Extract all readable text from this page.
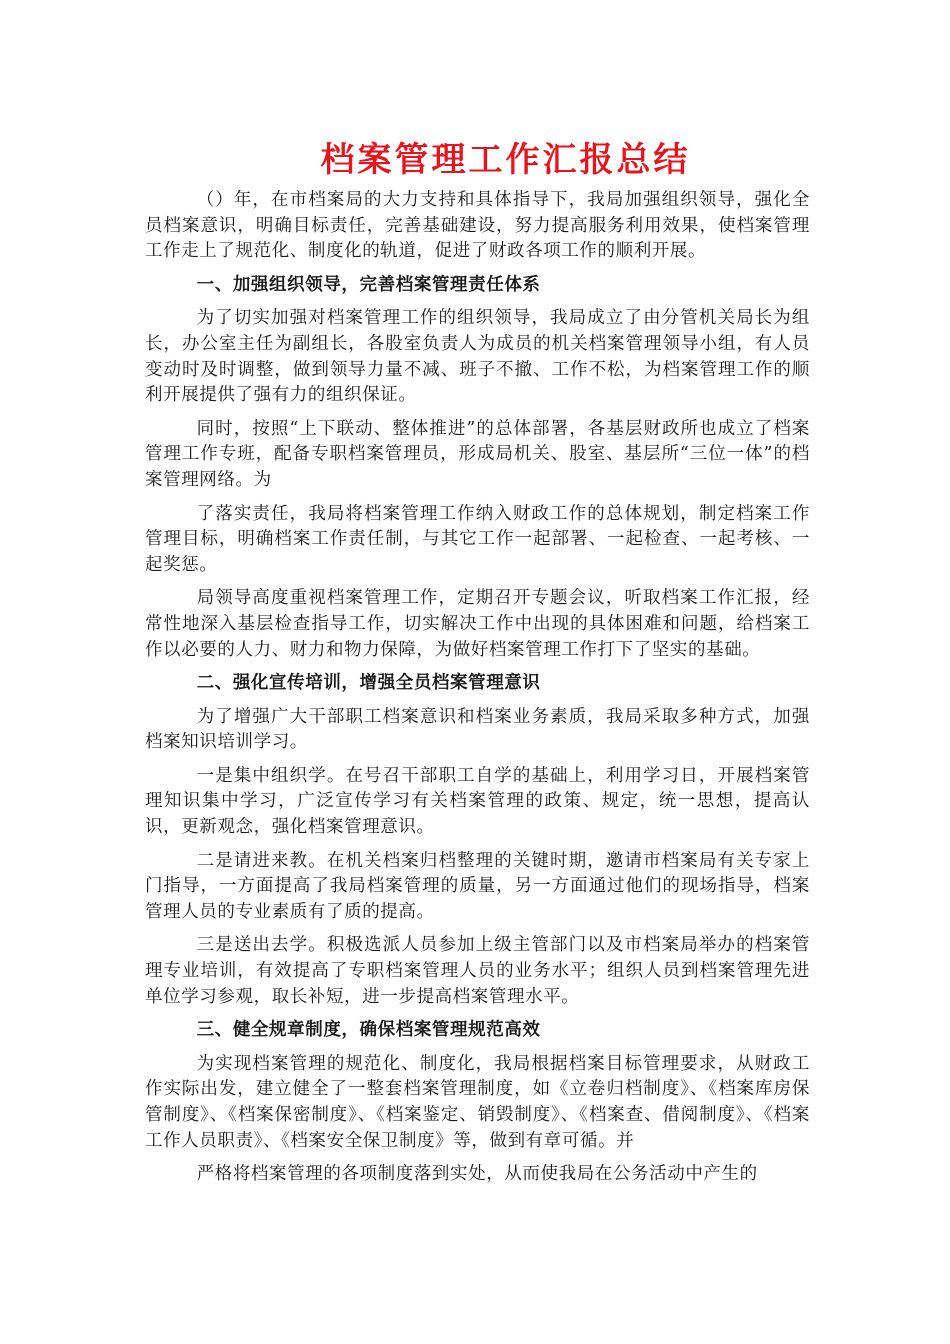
档案管理工作汇报总结

（）年，在市档案局的大力支持和具体指导下，我局加强组织领导，强化全员档案意识，明确目标责任，完善基础建设，努力提高服务利用效果，使档案管理工作走上了规范化、制度化的轨道，促进了财政各项工作的顺利开展。

一、加强组织领导，完善档案管理责任体系

为了切实加强对档案管理工作的组织领导，我局成立了由分管机关局长为组长，办公室主任为副组长，各股室负责人为成员的机关档案管理领导小组，有人员变动时及时调整，做到领导力量不减、班子不撤、工作不松，为档案管理工作的顺利开展提供了强有力的组织保证。

同时，按照“上下联动、整体推进”的总体部署，各基层财政所也成立了档案管理工作专班，配备专职档案管理员，形成局机关、股室、基层所“三位一体”的档案管理网络。为

了落实责任，我局将档案管理工作纳入财政工作的总体规划，制定档案工作管理目标，明确档案工作责任制，与其它工作一起部署、一起检查、一起考核、一起奖惩。

局领导高度重视档案管理工作，定期召开专题会议，听取档案工作汇报，经常性地深入基层检查指导工作，切实解决工作中出现的具体困难和问题，给档案工作以必要的人力、财力和物力保障，为做好档案管理工作打下了坚实的基础。

二、强化宣传培训，增强全员档案管理意识

为了增强广大干部职工档案意识和档案业务素质，我局采取多种方式，加强档案知识培训学习。

一是集中组织学。在号召干部职工自学的基础上，利用学习日，开展档案管理知识集中学习，广泛宣传学习有关档案管理的政策、规定，统一思想，提高认识，更新观念，强化档案管理意识。

二是请进来教。在机关档案归档整理的关键时期，邀请市档案局有关专家上门指导，一方面提高了我局档案管理的质量，另一方面通过他们的现场指导，档案管理人员的专业素质有了质的提高。

三是送出去学。积极选派人员参加上级主管部门以及市档案局举办的档案管理专业培训，有效提高了专职档案管理人员的业务水平；组织人员到档案管理先进单位学习参观，取长补短，进一步提高档案管理水平。

三、健全规章制度，确保档案管理规范高效

为实现档案管理的规范化、制度化，我局根据档案目标管理要求，从财政工作实际出发，建立健全了一整套档案管理制度，如《立卷归档制度》、《档案库房保管制度》、《档案保密制度》、《档案鉴定、销毁制度》、《档案查、借阅制度》、《档案工作人员职责》、《档案安全保卫制度》等，做到有章可循。并

严格将档案管理的各项制度落到实处，从而使我局在公务活动中产生的
